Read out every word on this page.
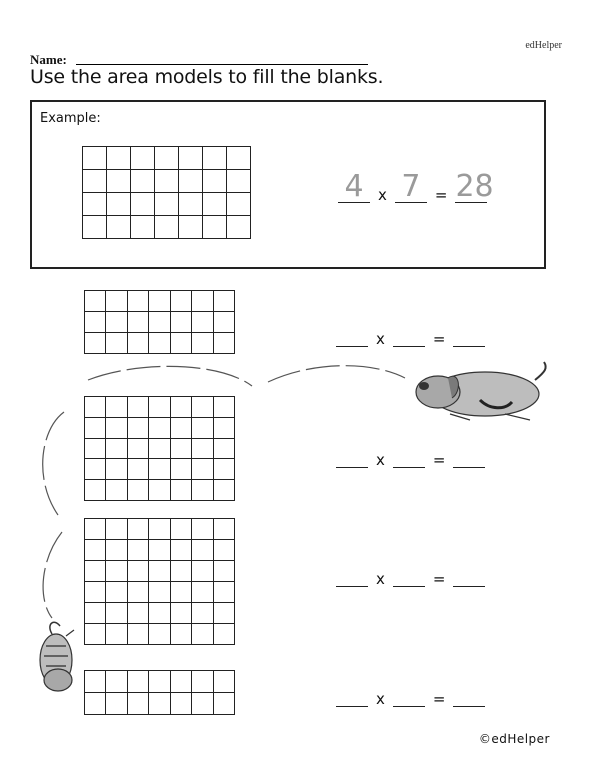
edHelper
Name:
Use the area models to fill the blanks.
Example:
4 x 7 = 28
x	=
x	=
x	=
x	=
©edHelper
